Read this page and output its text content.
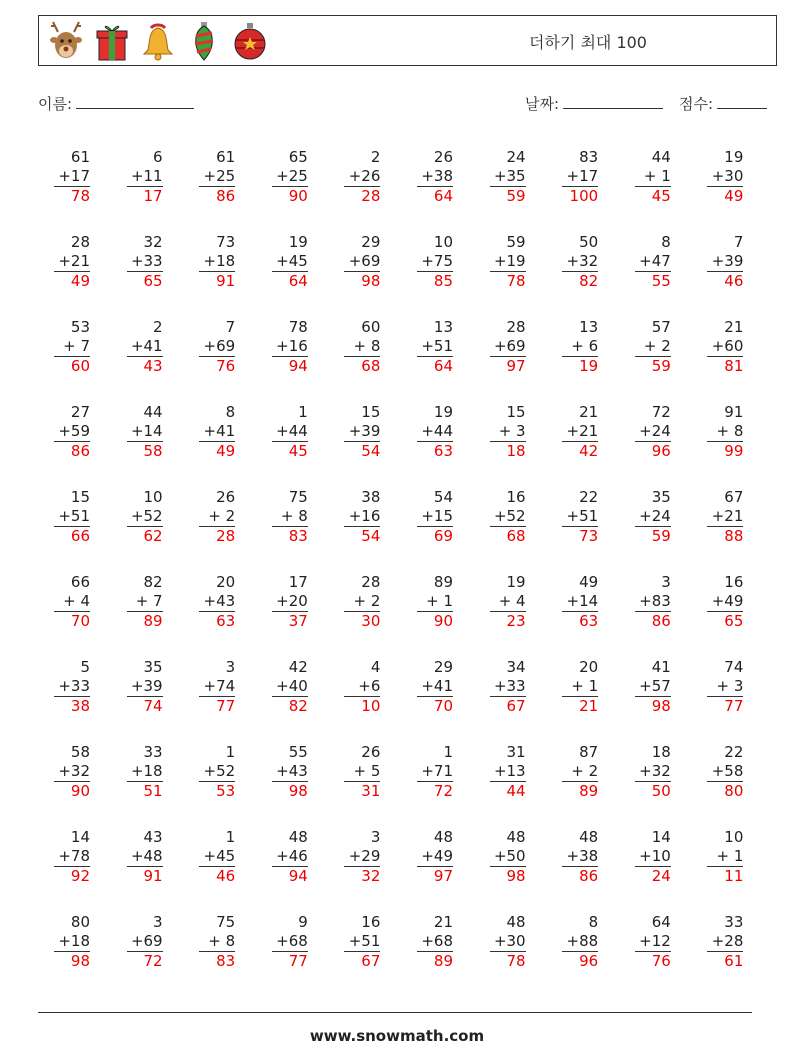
더하기 최대 100
이름:	날짜:	점수:
61
+17
78
6
+11
17
61
+25
86
65
+25
90
2
+26
28
26
+38
64
24
+35
59
83
+17
100
44
+ 1
45
19
+30
49
28
+21
49
32
+33
65
73
+18
91
19
+45
64
29
+69
98
10
+75
85
59
+19
78
50
+32
82
8
+47
55
7
+39
46
53
+ 7
60
2
+41
43
7
+69
76
78
+16
94
60
+ 8
68
13
+51
64
28
+69
97
13
+ 6
19
57
+ 2
59
21
+60
81
27
+59
86
44
+14
58
8
+41
49
1
+44
45
15
+39
54
19
+44
63
15
+ 3
18
21
+21
42
72
+24
96
91
+ 8
99
15
+51
66
10
+52
62
26
+ 2
28
75
+ 8
83
38
+16
54
54
+15
69
16
+52
68
22
+51
73
35
+24
59
67
+21
88
66
+ 4
70
82
+ 7
89
20
+43
63
17
+20
37
28
+ 2
30
89
+ 1
90
19
+ 4
23
49
+14
63
3
+83
86
16
+49
65
5
+33
38
35
+39
74
3
+74
77
42
+40
82
4
+6
10
29
+41
70
34
+33
67
20
+ 1
21
41
+57
98
74
+ 3
77
58
+32
90
33
+18
51
1
+52
53
55
+43
98
26
+ 5
31
1
+71
72
31
+13
44
87
+ 2
89
18
+32
50
22
+58
80
14
+78
92
43
+48
91
1
+45
46
48
+46
94
3
+29
32
48
+49
97
48
+50
98
48
+38
86
14
+10
24
10
+ 1
11
80
+18
98
3
+69
72
75
+ 8
83
9
+68
77
16
+51
67
21
+68
89
48
+30
78
8
+88
96
64
+12
76
33
+28
61
www.snowmath.com
